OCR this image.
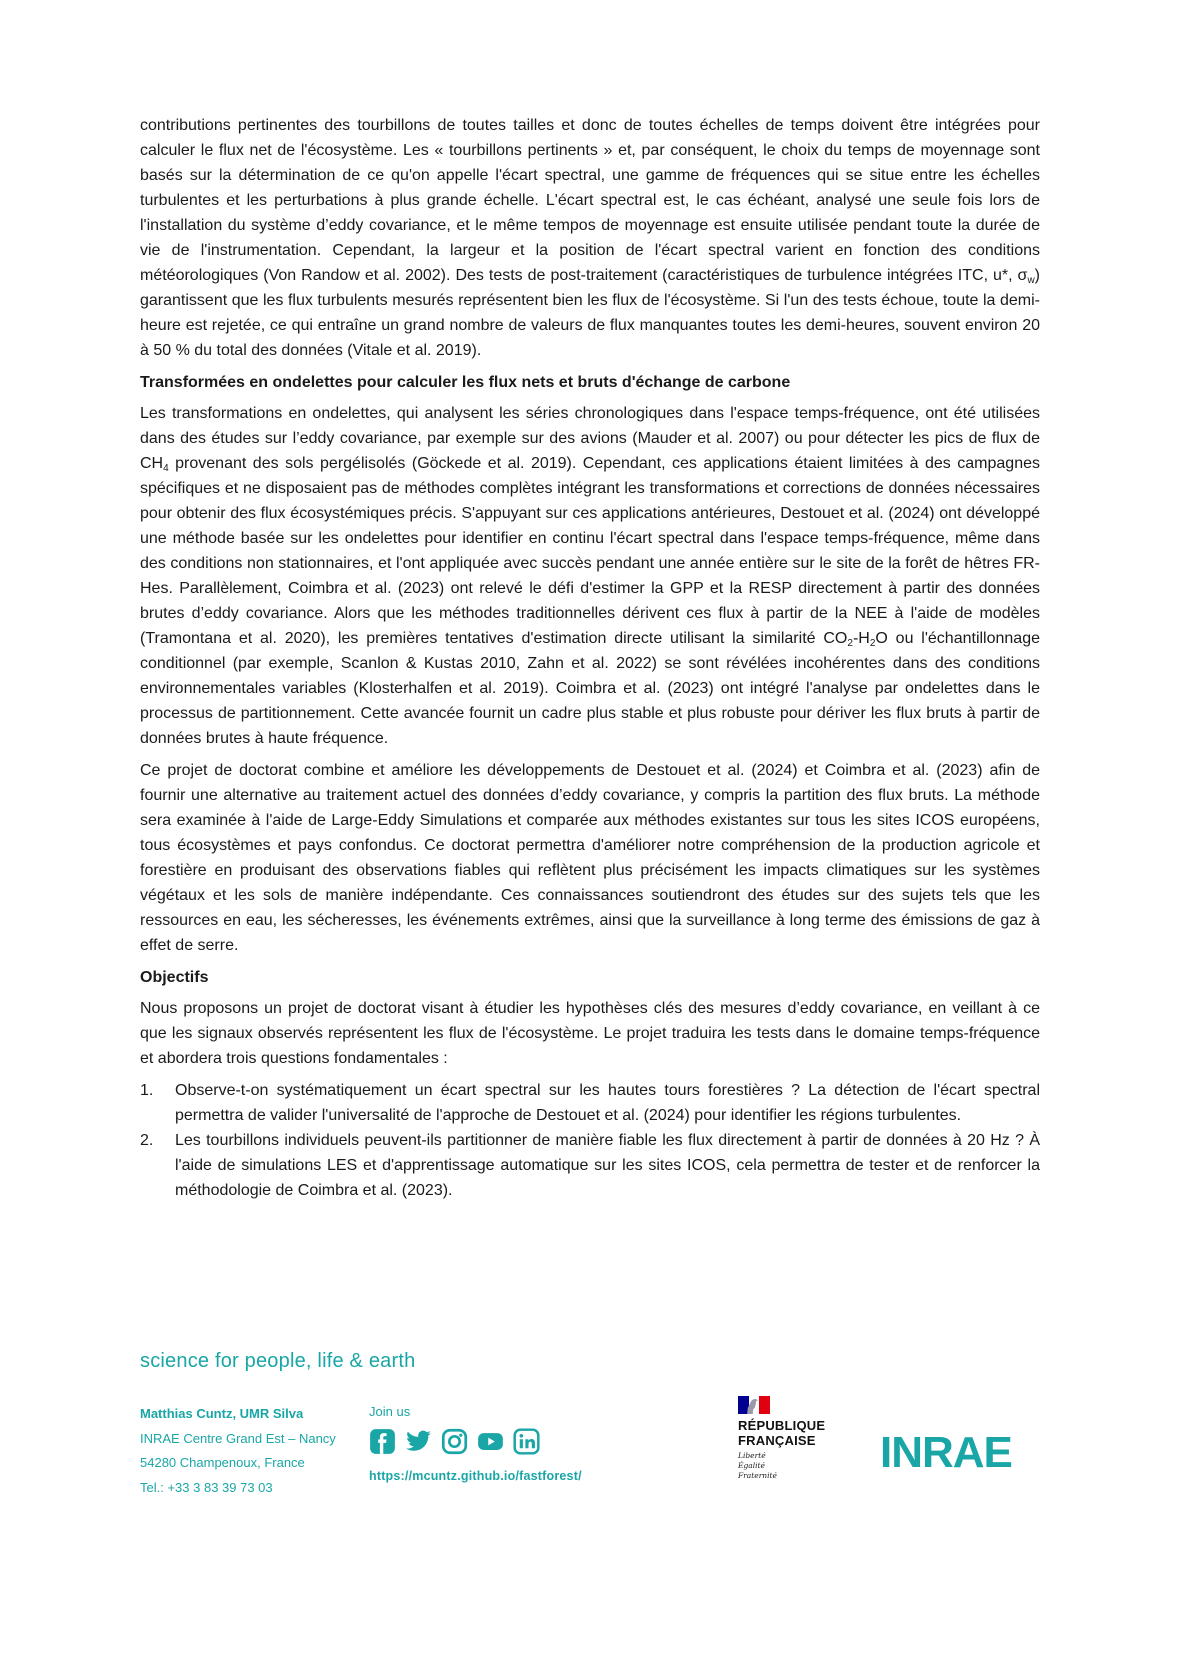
contributions pertinentes des tourbillons de toutes tailles et donc de toutes échelles de temps doivent être intégrées pour calculer le flux net de l'écosystème. Les « tourbillons pertinents » et, par conséquent, le choix du temps de moyennage sont basés sur la détermination de ce qu'on appelle l'écart spectral, une gamme de fréquences qui se situe entre les échelles turbulentes et les perturbations à plus grande échelle. L'écart spectral est, le cas échéant, analysé une seule fois lors de l'installation du système d’eddy covariance, et le même tempos de moyennage est ensuite utilisée pendant toute la durée de vie de l'instrumentation. Cependant, la largeur et la position de l'écart spectral varient en fonction des conditions météorologiques (Von Randow et al. 2002). Des tests de post-traitement (caractéristiques de turbulence intégrées ITC, u*, $\sigma_w$) garantissent que les flux turbulents mesurés représentent bien les flux de l'écosystème. Si l'un des tests échoue, toute la demi-heure est rejetée, ce qui entraîne un grand nombre de valeurs de flux manquantes toutes les demi-heures, souvent environ 20 à 50 % du total des données (Vitale et al. 2019).

Transformées en ondelettes pour calculer les flux nets et bruts d'échange de carbone

Les transformations en ondelettes, qui analysent les séries chronologiques dans l'espace temps-fréquence, ont été utilisées dans des études sur l’eddy covariance, par exemple sur des avions (Mauder et al. 2007) ou pour détecter les pics de flux de $CH_4$ provenant des sols pergélisolés (Göckede et al. 2019). Cependant, ces applications étaient limitées à des campagnes spécifiques et ne disposaient pas de méthodes complètes intégrant les transformations et corrections de données nécessaires pour obtenir des flux écosystémiques précis. S'appuyant sur ces applications antérieures, Destouet et al. (2024) ont développé une méthode basée sur les ondelettes pour identifier en continu l'écart spectral dans l'espace temps-fréquence, même dans des conditions non stationnaires, et l'ont appliquée avec succès pendant une année entière sur le site de la forêt de hêtres FR-Hes. Parallèlement, Coimbra et al. (2023) ont relevé le défi d'estimer la GPP et la RESP directement à partir des données brutes d’eddy covariance. Alors que les méthodes traditionnelles dérivent ces flux à partir de la NEE à l'aide de modèles (Tramontana et al. 2020), les premières tentatives d'estimation directe utilisant la similarité $CO_2-H_2O$ ou l'échantillonnage conditionnel (par exemple, Scanlon & Kustas 2010, Zahn et al. 2022) se sont révélées incohérentes dans des conditions environnementales variables (Klosterhalfen et al. 2019). Coimbra et al. (2023) ont intégré l'analyse par ondelettes dans le processus de partitionnement. Cette avancée fournit un cadre plus stable et plus robuste pour dériver les flux bruts à partir de données brutes à haute fréquence.

Ce projet de doctorat combine et améliore les développements de Destouet et al. (2024) et Coimbra et al. (2023) afin de fournir une alternative au traitement actuel des données d’eddy covariance, y compris la partition des flux bruts. La méthode sera examinée à l'aide de Large-Eddy Simulations et comparée aux méthodes existantes sur tous les sites ICOS européens, tous écosystèmes et pays confondus. Ce doctorat permettra d'améliorer notre compréhension de la production agricole et forestière en produisant des observations fiables qui reflètent plus précisément les impacts climatiques sur les systèmes végétaux et les sols de manière indépendante. Ces connaissances soutiendront des études sur des sujets tels que les ressources en eau, les sécheresses, les événements extrêmes, ainsi que la surveillance à long terme des émissions de gaz à effet de serre.

Objectifs

Nous proposons un projet de doctorat visant à étudier les hypothèses clés des mesures d’eddy covariance, en veillant à ce que les signaux observés représentent les flux de l'écosystème. Le projet traduira les tests dans le domaine temps-fréquence et abordera trois questions fondamentales :

1.	Observe-t-on systématiquement un écart spectral sur les hautes tours forestières ? La détection de l'écart spectral permettra de valider l'universalité de l'approche de Destouet et al. (2024) pour identifier les régions turbulentes.
2.	Les tourbillons individuels peuvent-ils partitionner de manière fiable les flux directement à partir de données à 20 Hz ? À l'aide de simulations LES et d'apprentissage automatique sur les sites ICOS, cela permettra de tester et de renforcer la méthodologie de Coimbra et al. (2023).
science for people, life & earth
Matthias Cuntz, UMR Silva
INRAE Centre Grand Est – Nancy
54280 Champenoux, France
Tel.: +33 3 83 39 73 03
Join us
https://mcuntz.github.io/fastforest/
RÉPUBLIQUE
FRANÇAISE
Liberté
Égalité
Fraternité	INRAE
